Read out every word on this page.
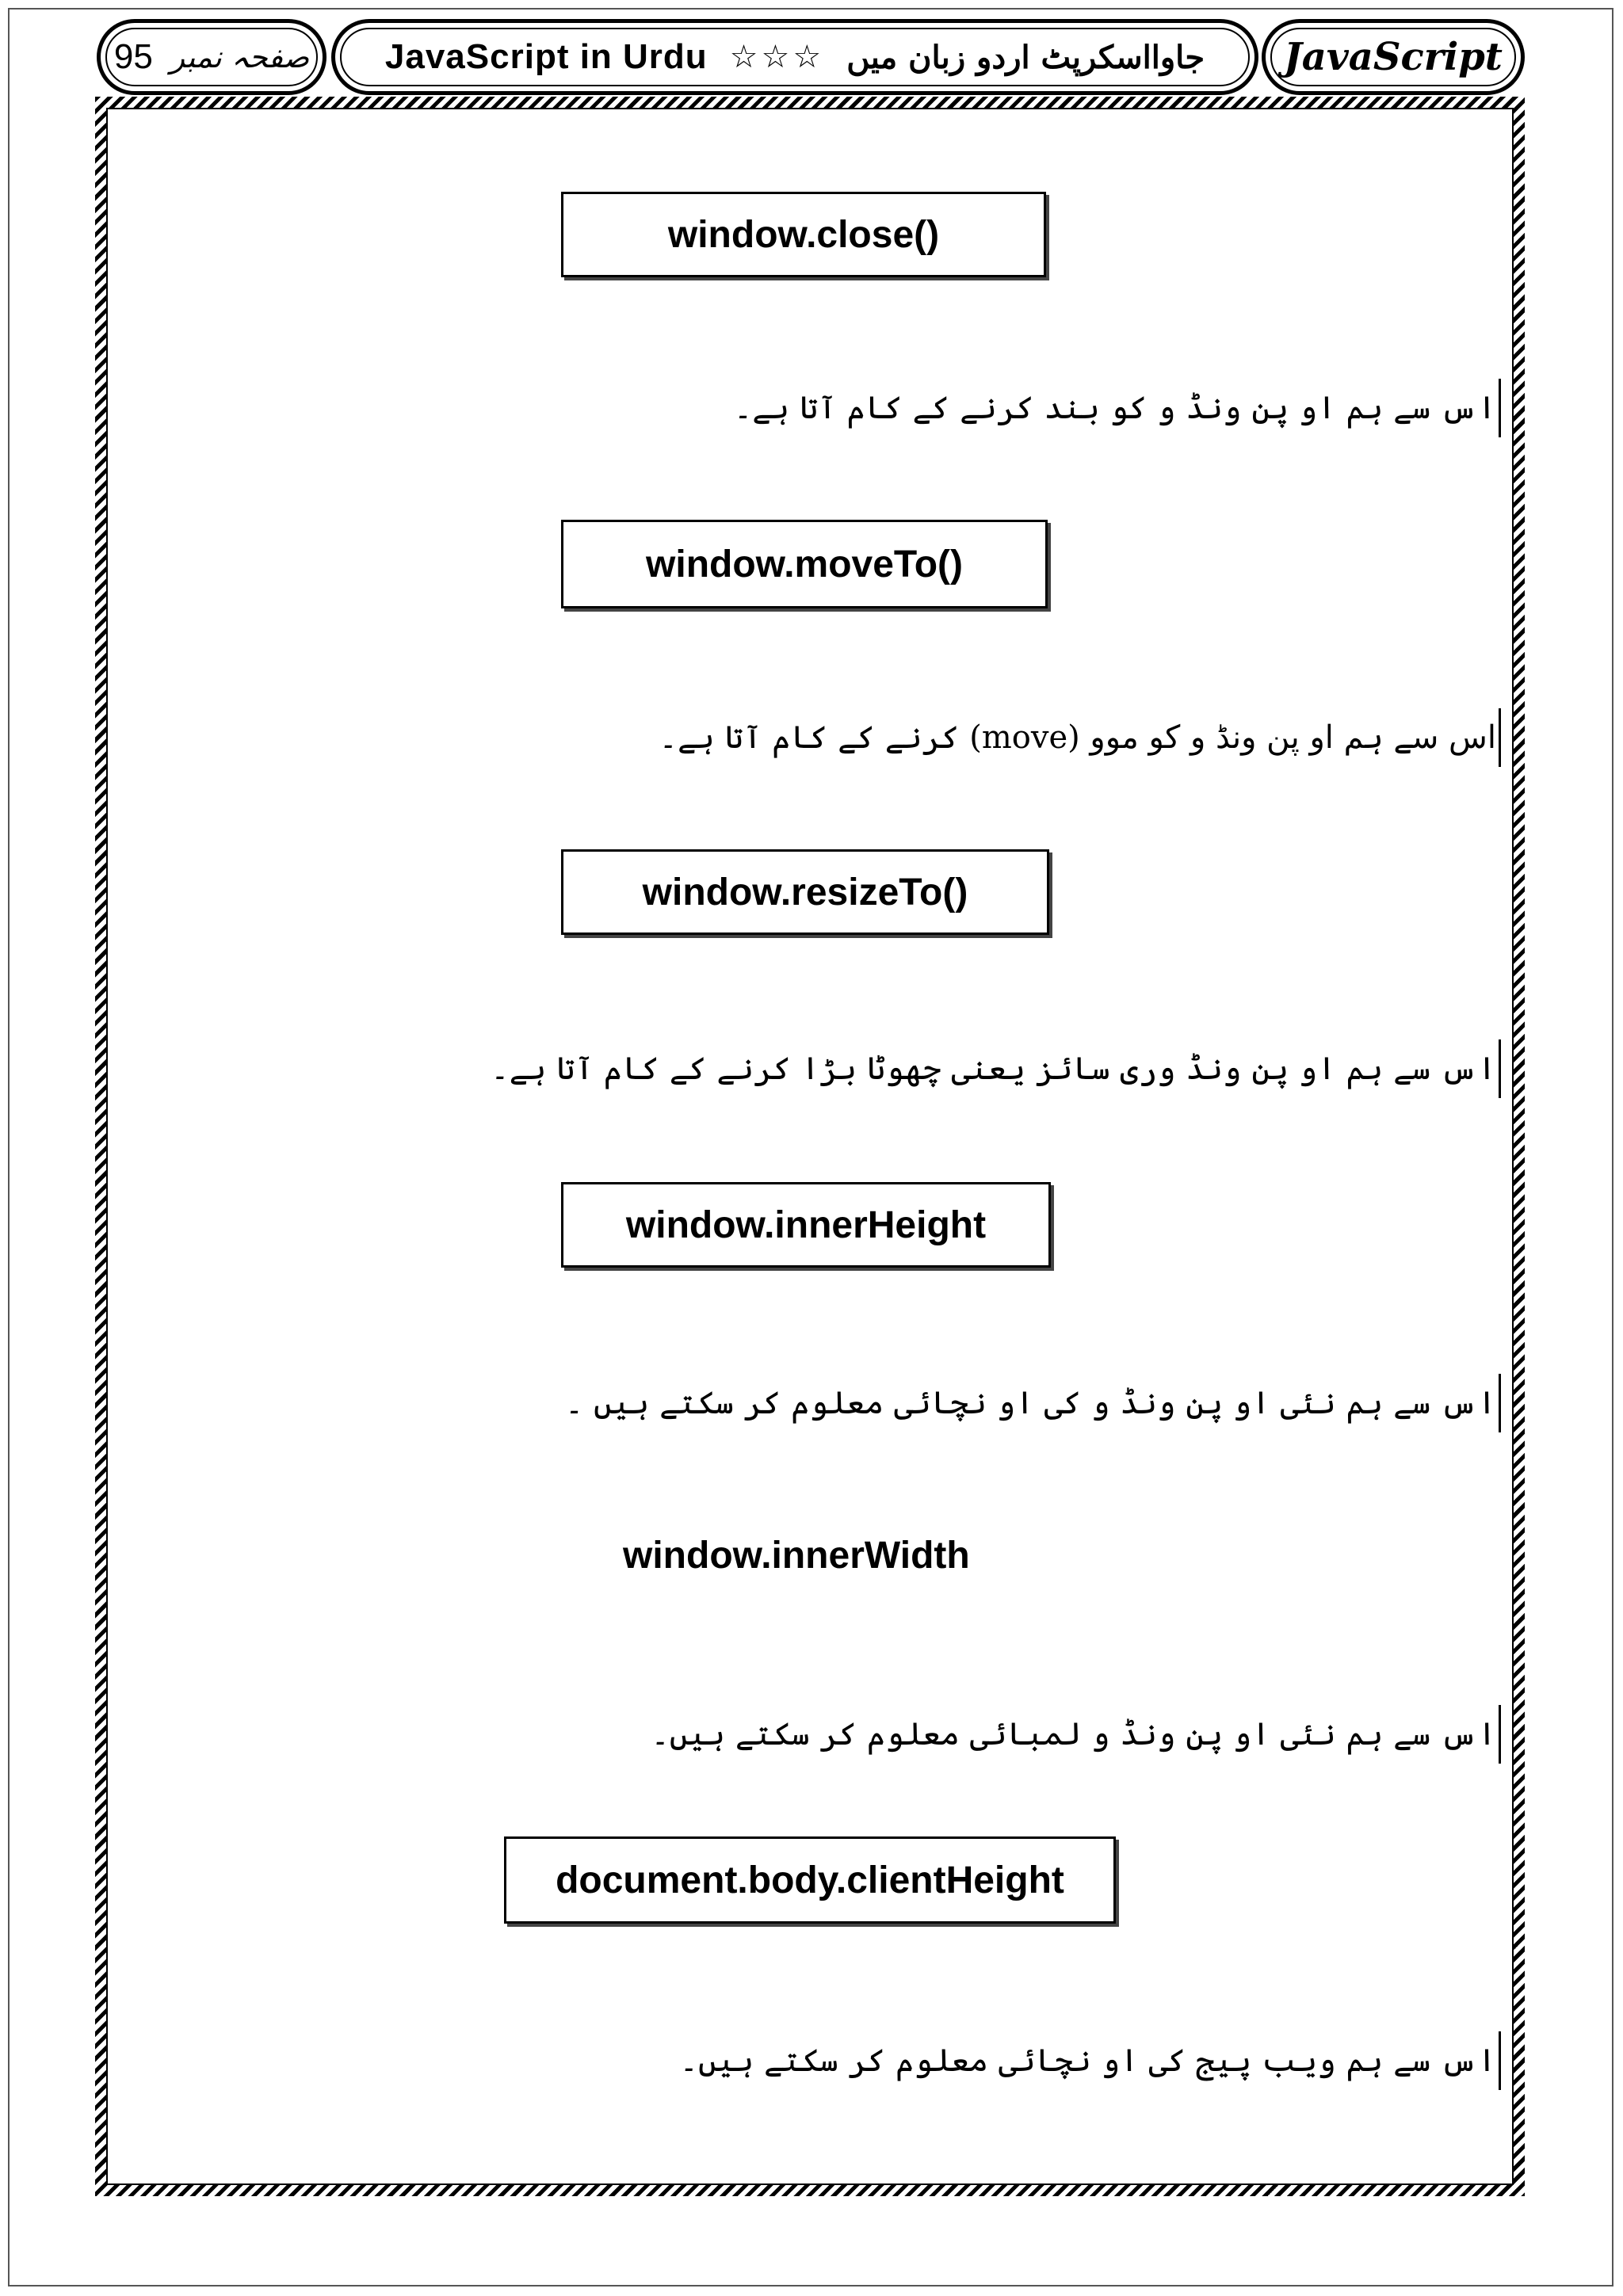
95 صفحہ نمبر JavaScript in Urdu ☆☆☆ جاوااسکرپٹ اردو زبان میں JavaScript
window.close()
اس سے ہم او پن ونڈ و کو بند کرنے کے کام آتا ہے۔
window.moveTo()
اس سے ہم او پن ونڈ و کو موو (move) کرنے کے کام آتا ہے۔
window.resizeTo()
اس سے ہم او پن ونڈ وری سائز یعنی چھوٹا بڑا کرنے کے کام آتا ہے۔
window.innerHeight
اس سے ہم نئی او پن ونڈ و کی او نچائی معلوم کر سکتے ہیں ۔
window.innerWidth
اس سے ہم نئی او پن ونڈ و لمبائی معلوم کر سکتے ہیں۔
document.body.clientHeight
اس سے ہم ویب پیج کی او نچائی معلوم کر سکتے ہیں۔
